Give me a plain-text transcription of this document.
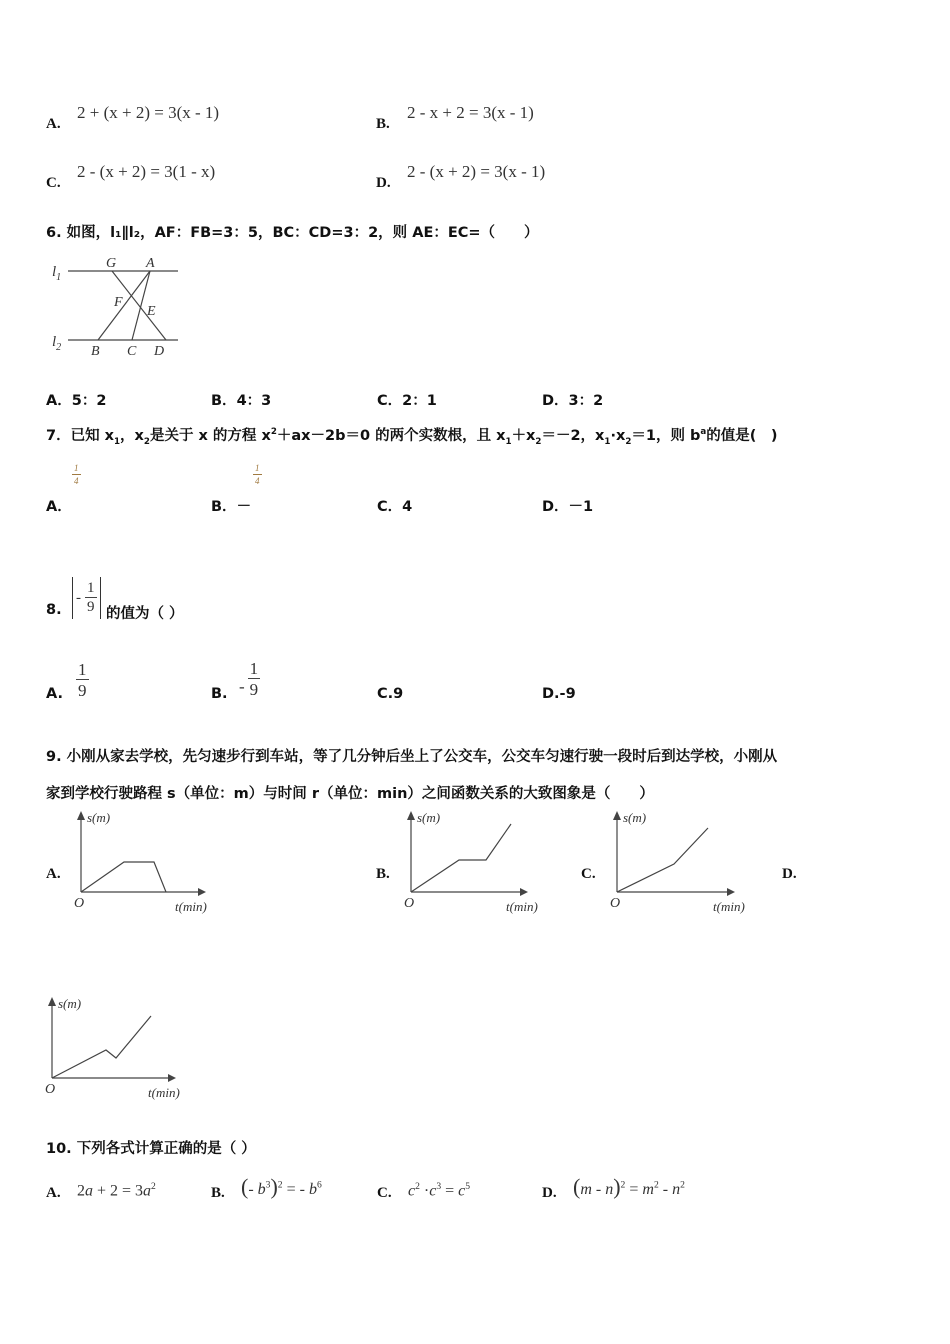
A.
2 + (x + 2) = 3(x - 1)
B.
2 - x + 2 = 3(x - 1)
C.
2 - (x + 2) = 3(1 - x)
D.
2 - (x + 2) = 3(x - 1)
6. 如图，l₁∥l₂，AF：FB=3：5，BC：CD=3：2，则 AE：EC=（　　）
$l_1$
$l_2$
G A
F
E
B C D
A．5：2	B．4：3	C．2：1	D．3：2
7．已知 $x_1$，$x_2$是关于 x 的方程 $x^2+ax-2b=0$ 的两个实数根，且 $x_1+x_2=-2$，$x_1\cdot x_2=1$，则 $b^a$的值是(　)
A．
$\frac{1}{4}$
B．－
$\frac{1}{4}$
C．4	D．－1
8.
- $\frac{1}{9}$ 的值为（ ）
A. $\frac{1}{9}$	B. - $\frac{1}{9}$	C.9	D.-9
9. 小刚从家去学校，先匀速步行到车站，等了几分钟后坐上了公交车，公交车匀速行驶一段时后到达学校，小刚从
家到学校行驶路程 s（单位：m）与时间 r（单位：min）之间函数关系的大致图象是（　　）
A.
s(m)
O	t(min)
B.
s(m)
O	t(min)
C.
s(m)
O	t(min)
D.
s(m)
O	t(min)
10. 下列各式计算正确的是（ ）
A. $2a + 2 = 3a^2$	B. (- $b^3)^2$ = - $b^6$	C. $c^2 \cdot c^3 = c^5$	D. $(m - n)^2 = m^2 - n^2$
